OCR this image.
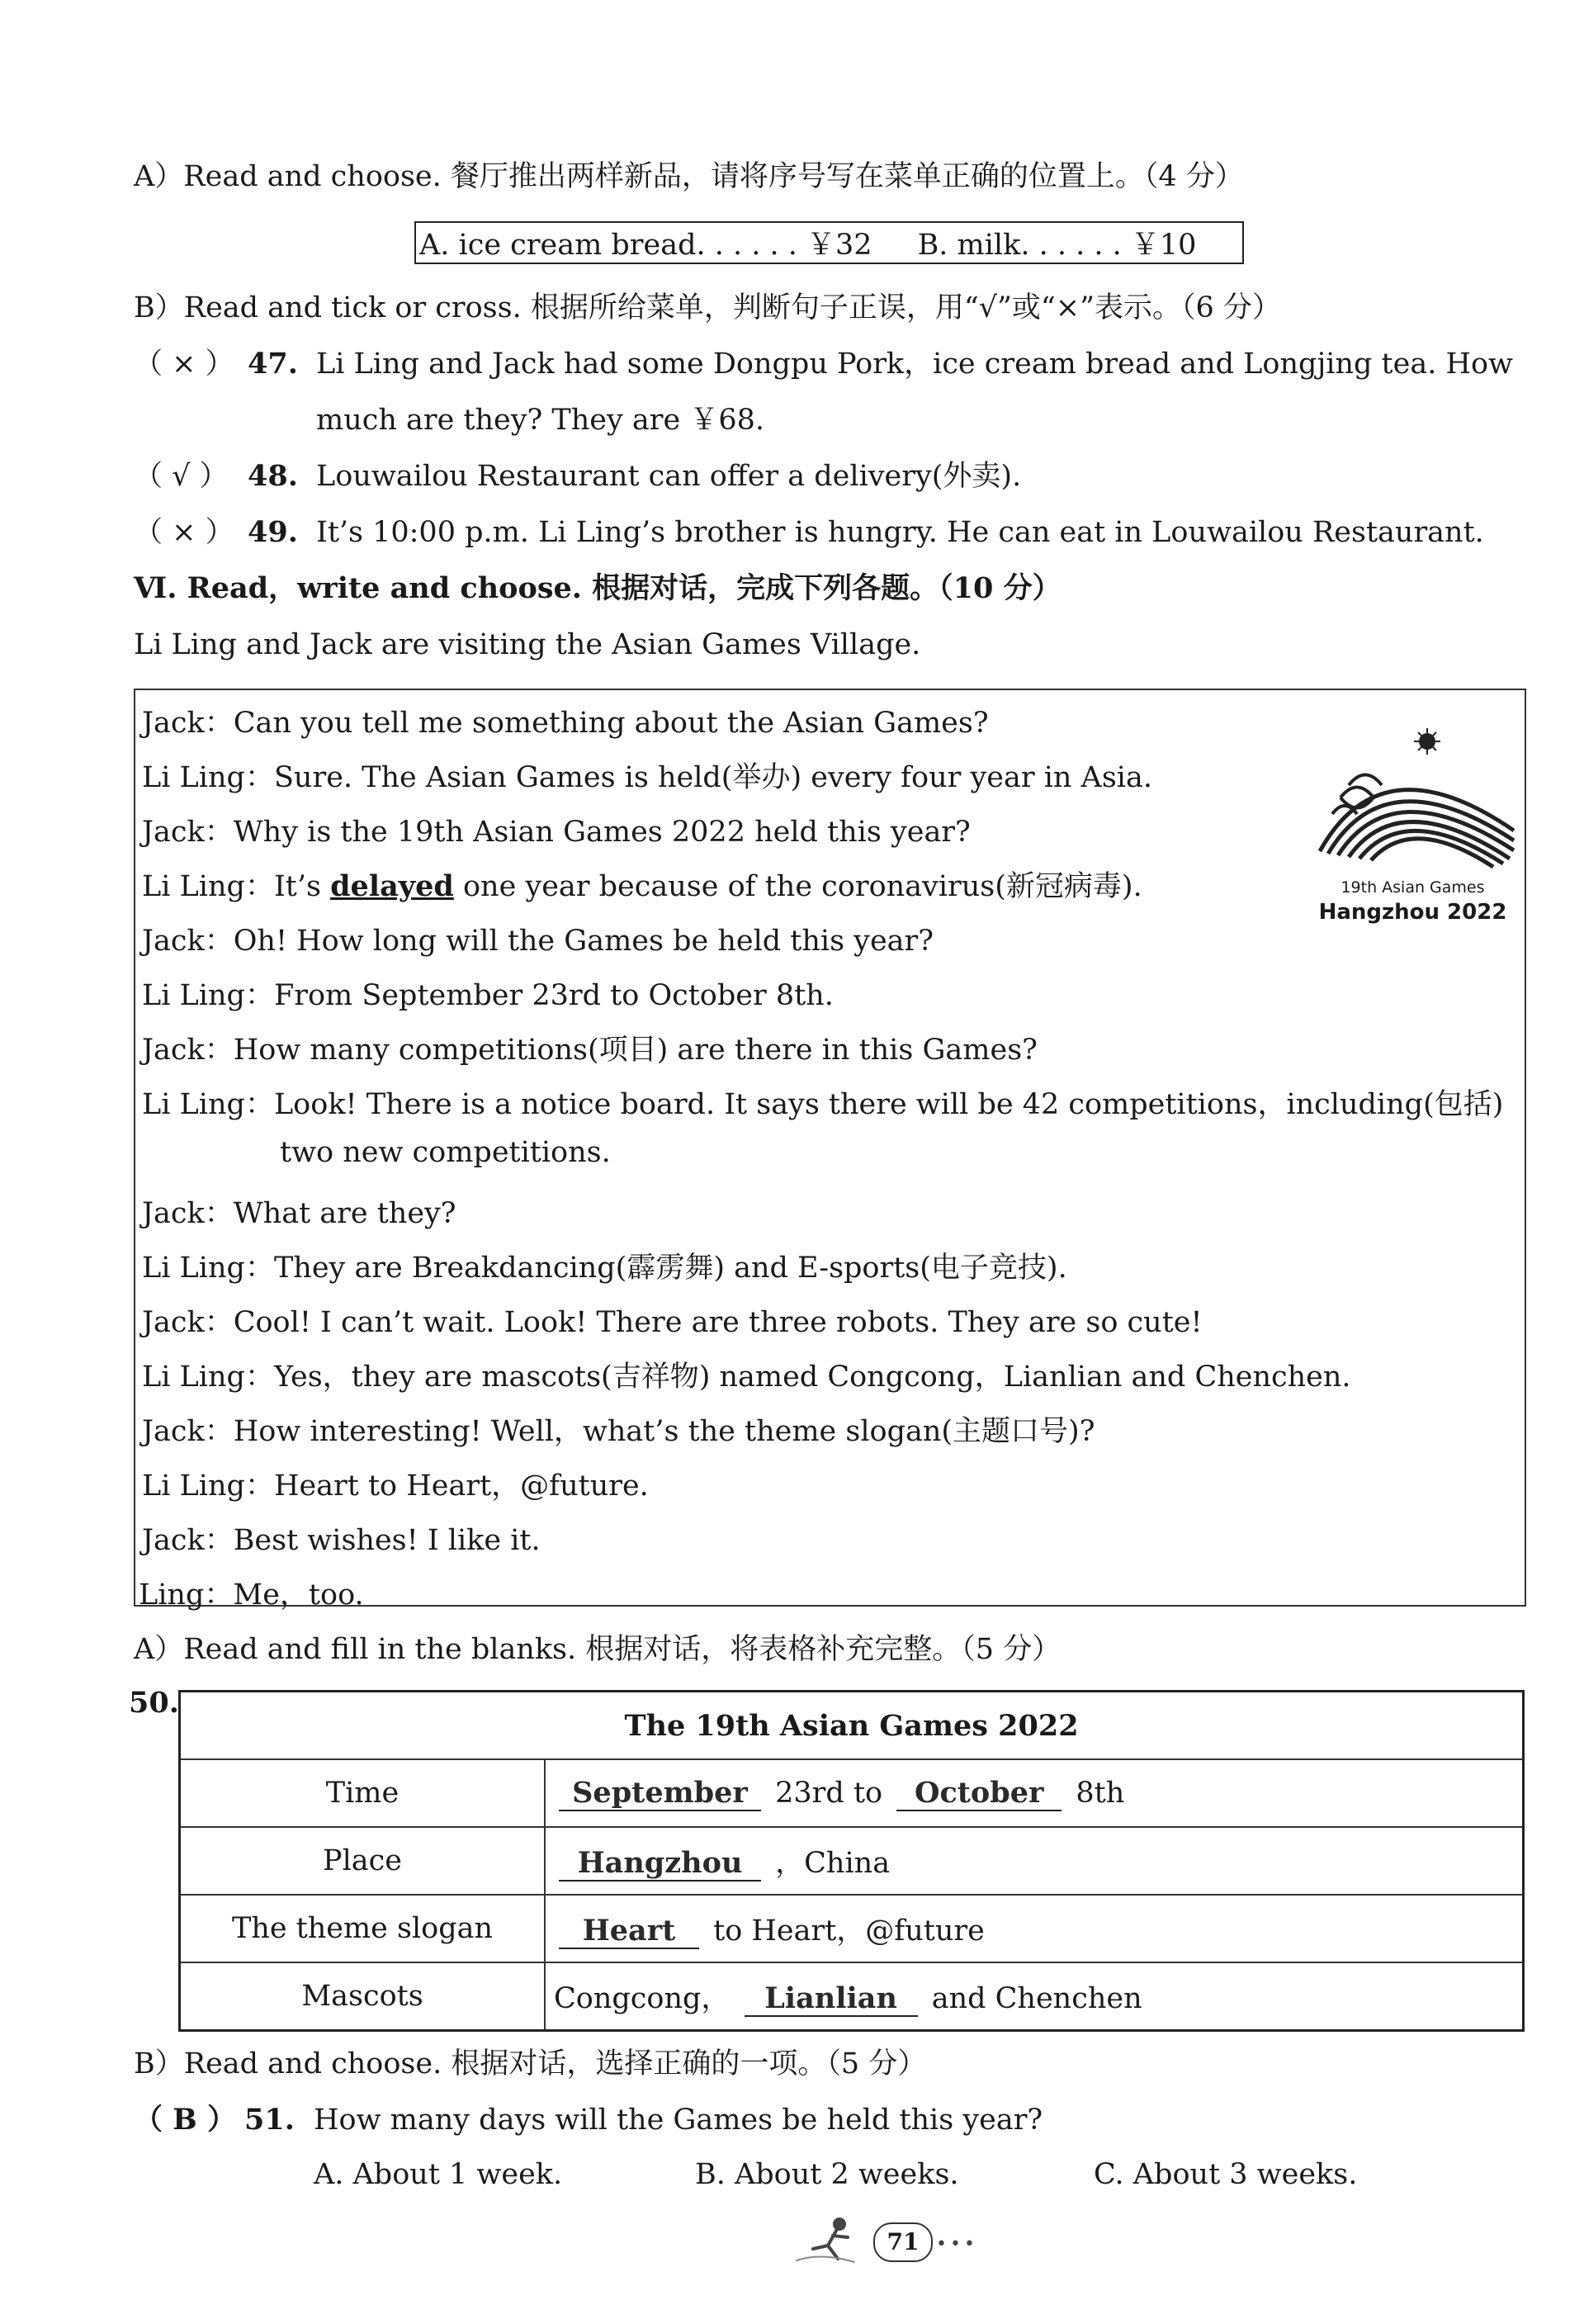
A）Read and choose. 餐厅推出两样新品，请将序号写在菜单正确的位置上。（4 分）
A. ice cream bread. . . . . . ￥32 B. milk. . . . . . ￥10
B）Read and tick or cross. 根据所给菜单，判断句子正误，用“√”或“×”表示。（6 分）
（ × ） 47. Li Ling and Jack had some Dongpu Pork，ice cream bread and Longjing tea. How
much are they? They are ￥68.
（ √ ） 48. Louwailou Restaurant can offer a delivery(外卖).
（ × ） 49. It’s 10:00 p.m. Li Ling’s brother is hungry. He can eat in Louwailou Restaurant.
Ⅵ. Read，write and choose. 根据对话，完成下列各题。（10 分）
Li Ling and Jack are visiting the Asian Games Village.
Jack：Can you tell me something about the Asian Games?
Li Ling：Sure. The Asian Games is held(举办) every four year in Asia.
Jack：Why is the 19th Asian Games 2022 held this year?
Li Ling：It’s delayed one year because of the coronavirus(新冠病毒).
Jack：Oh! How long will the Games be held this year?
Li Ling：From September 23rd to October 8th.
Jack：How many competitions(项目) are there in this Games?
Li Ling：Look! There is a notice board. It says there will be 42 competitions，including(包括)
two new competitions.
Jack：What are they?
Li Ling：They are Breakdancing(霹雳舞) and E-sports(电子竞技).
Jack：Cool! I can’t wait. Look! There are three robots. They are so cute!
Li Ling：Yes，they are mascots(吉祥物) named Congcong，Lianlian and Chenchen.
Jack：How interesting! Well，what’s the theme slogan(主题口号)?
Li Ling：Heart to Heart，@future.
Jack：Best wishes! I like it.
Ling：Me，too.
19th Asian Games
Hangzhou 2022
A）Read and fill in the blanks. 根据对话，将表格补充完整。（5 分）
50.
The 19th Asian Games 2022	
Time	September 23rd to October 8th
Place	Hangzhou ，China
The theme slogan	Heart to Heart，@future
Mascots	Congcong， Lianlian and Chenchen
B）Read and choose. 根据对话，选择正确的一项。（5 分）
（ B ） 51. How many days will the Games be held this year?
A. About 1 week.	B. About 2 weeks.	C. About 3 weeks.
71 •••
